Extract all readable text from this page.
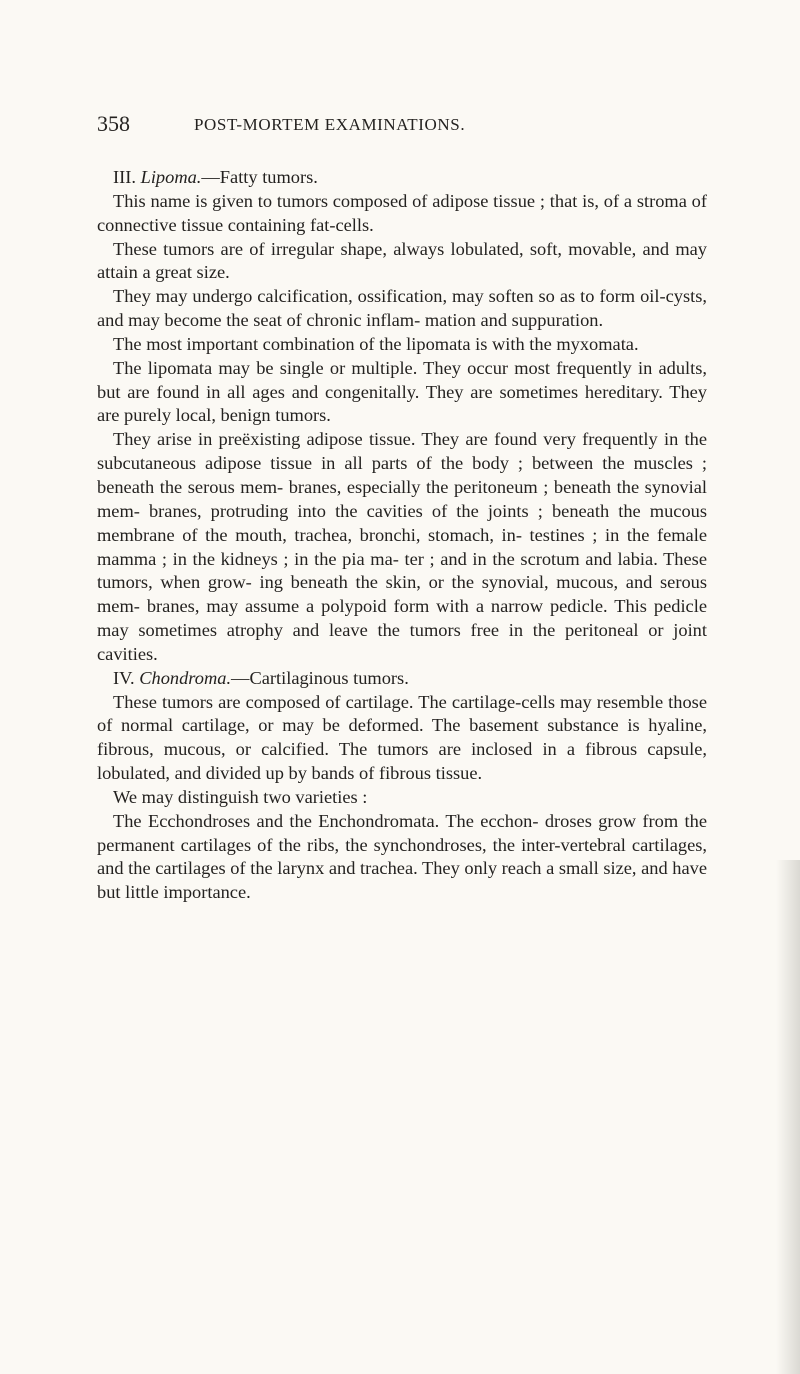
358	POST-MORTEM EXAMINATIONS.

III. Lipoma.—Fatty tumors.

This name is given to tumors composed of adipose tissue ; that is, of a stroma of connective tissue containing fat-cells.

These tumors are of irregular shape, always lobulated, soft, movable, and may attain a great size.

They may undergo calcification, ossification, may soften so as to form oil-cysts, and may become the seat of chronic inflam- mation and suppuration.

The most important combination of the lipomata is with the myxomata.

The lipomata may be single or multiple. They occur most frequently in adults, but are found in all ages and congenitally. They are sometimes hereditary. They are purely local, benign tumors.

They arise in preëxisting adipose tissue. They are found very frequently in the subcutaneous adipose tissue in all parts of the body ; between the muscles ; beneath the serous mem- branes, especially the peritoneum ; beneath the synovial mem- branes, protruding into the cavities of the joints ; beneath the mucous membrane of the mouth, trachea, bronchi, stomach, in- testines ; in the female mamma ; in the kidneys ; in the pia ma- ter ; and in the scrotum and labia. These tumors, when grow- ing beneath the skin, or the synovial, mucous, and serous mem- branes, may assume a polypoid form with a narrow pedicle. This pedicle may sometimes atrophy and leave the tumors free in the peritoneal or joint cavities.

IV. Chondroma.—Cartilaginous tumors.

These tumors are composed of cartilage. The cartilage-cells may resemble those of normal cartilage, or may be deformed. The basement substance is hyaline, fibrous, mucous, or calcified. The tumors are inclosed in a fibrous capsule, lobulated, and divided up by bands of fibrous tissue.

We may distinguish two varieties :

The Ecchondroses and the Enchondromata. The ecchon- droses grow from the permanent cartilages of the ribs, the synchondroses, the inter-vertebral cartilages, and the cartilages of the larynx and trachea. They only reach a small size, and have but little importance.
